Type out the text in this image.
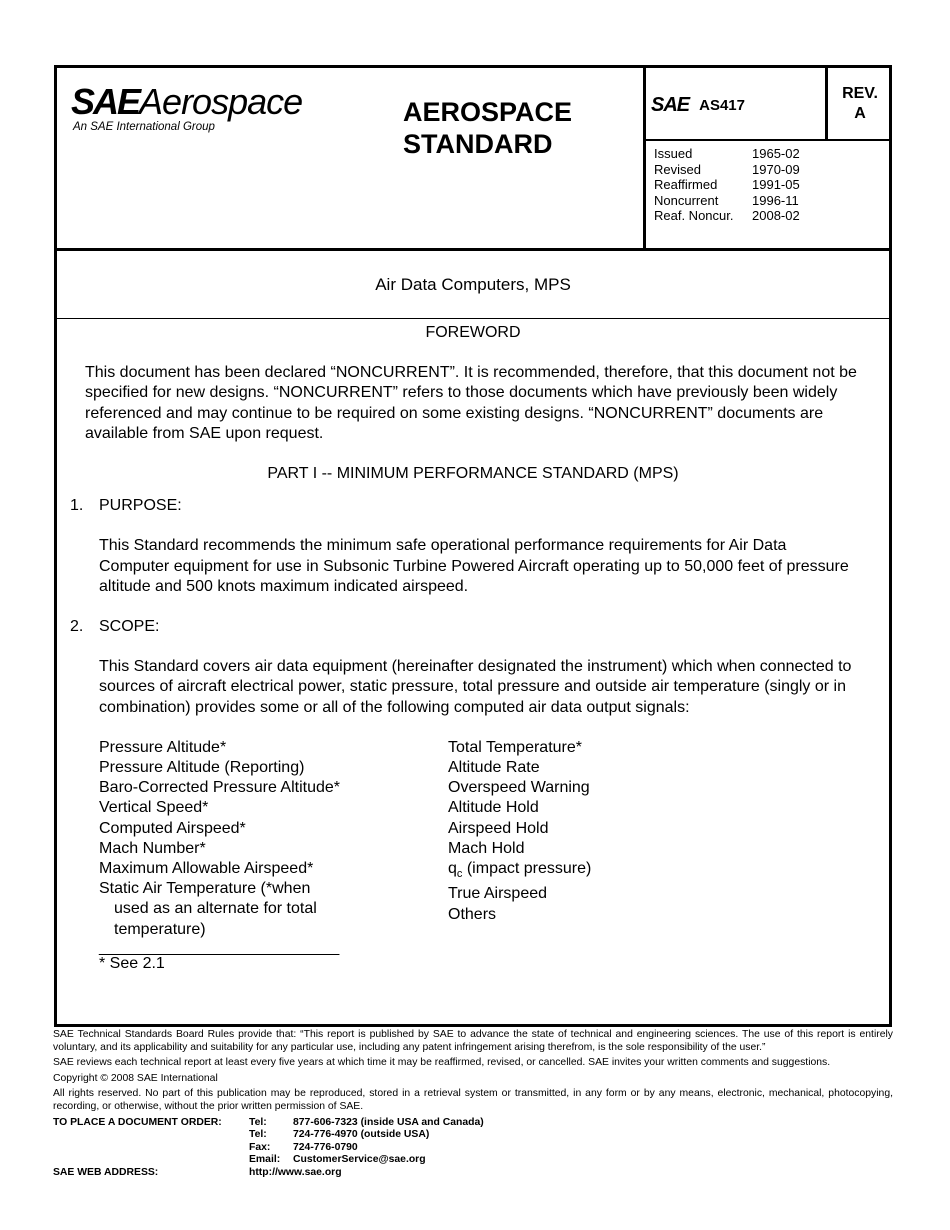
SAEAerospace
An SAE International Group	AEROSPACE
STANDARD
SAE AS417
REV.
A
Issued	1965-02
Revised	1970-09
Reaffirmed	1991-05
Noncurrent	1996-11
Reaf. Noncur.	2008-02
Air Data Computers, MPS
FOREWORD
This document has been declared “NONCURRENT”. It is recommended, therefore, that this document not be specified for new designs. “NONCURRENT” refers to those documents which have previously been widely referenced and may continue to be required on some existing designs. “NONCURRENT” documents are available from SAE upon request.
PART I -- MINIMUM PERFORMANCE STANDARD (MPS)
1. PURPOSE:
This Standard recommends the minimum safe operational performance requirements for Air Data Computer equipment for use in Subsonic Turbine Powered Aircraft operating up to 50,000 feet of pressure altitude and 500 knots maximum indicated airspeed.
2. SCOPE:
This Standard covers air data equipment (hereinafter designated the instrument) which when connected to sources of aircraft electrical power, static pressure, total pressure and outside air temperature (singly or in combination) provides some or all of the following computed air data output signals:
Pressure Altitude*
Pressure Altitude (Reporting)
Baro-Corrected Pressure Altitude*
Vertical Speed*
Computed Airspeed*
Mach Number*
Maximum Allowable Airspeed*
Static Air Temperature (*when
used as an alternate for total
temperature)
Total Temperature*
Altitude Rate
Overspeed Warning
Altitude Hold
Airspeed Hold
Mach Hold
$q_c$ (impact pressure)
True Airspeed
Others
___________________________
* See 2.1

SAE Technical Standards Board Rules provide that: “This report is published by SAE to advance the state of technical and engineering sciences. The use of this report is entirely voluntary, and its applicability and suitability for any particular use, including any patent infringement arising therefrom, is the sole responsibility of the user.”

SAE reviews each technical report at least every five years at which time it may be reaffirmed, revised, or cancelled. SAE invites your written comments and suggestions.

Copyright © 2008 SAE International

All rights reserved. No part of this publication may be reproduced, stored in a retrieval system or transmitted, in any form or by any means, electronic, mechanical, photocopying, recording, or otherwise, without the prior written permission of SAE.

TO PLACE A DOCUMENT ORDER:	Tel:	877-606-7323 (inside USA and Canada)
Tel:	724-776-4970 (outside USA)
Fax:	724-776-0790
Email:	CustomerService@sae.org
SAE WEB ADDRESS:	http://www.sae.org
